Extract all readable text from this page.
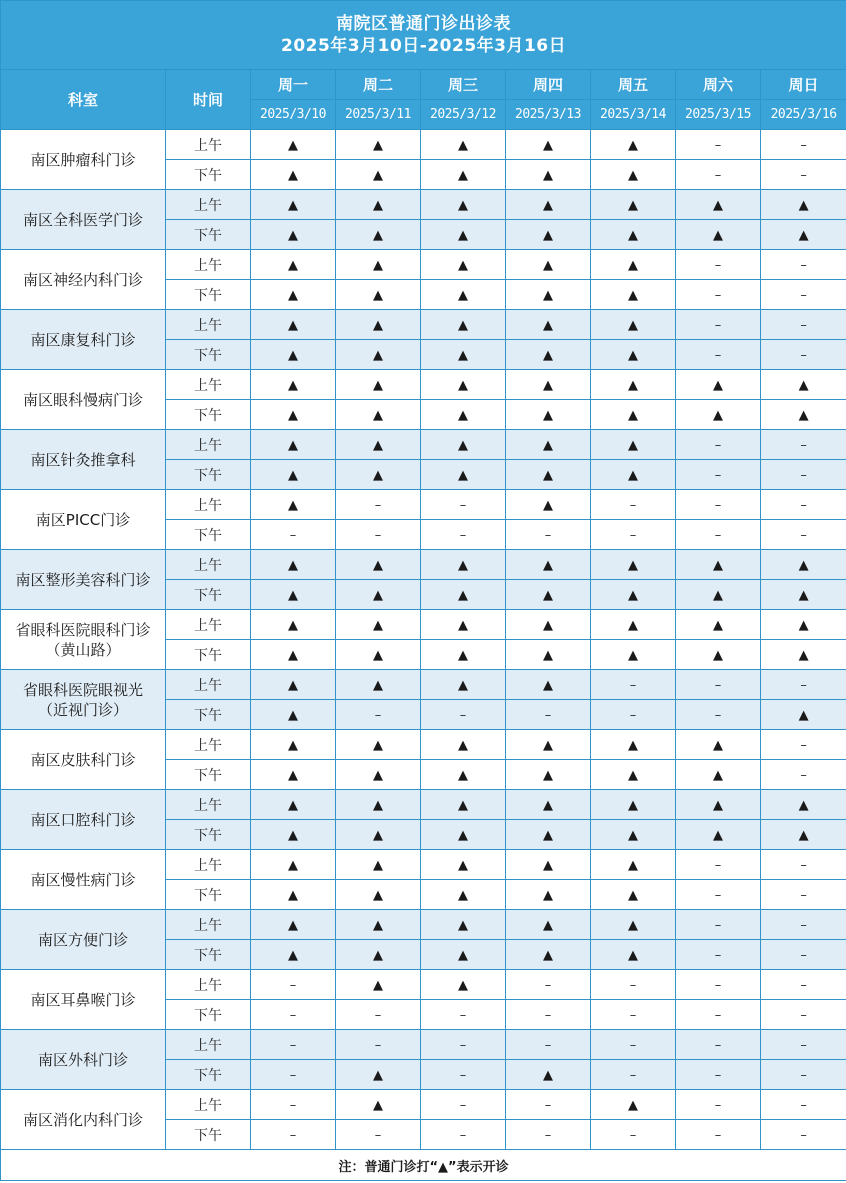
南院区普通门诊出诊表
2025年3月10日-2025年3月16日								

科室	时间	周一	周二	周三	周四	周五	周六	周日
		2025/3/10	2025/3/11	2025/3/12	2025/3/13	2025/3/14	2025/3/15	2025/3/16

南区肿瘤科门诊	上午	▲	▲	▲	▲	▲	–	–
	下午	▲	▲	▲	▲	▲	–	–

南区全科医学门诊	上午	▲	▲	▲	▲	▲	▲	▲
	下午	▲	▲	▲	▲	▲	▲	▲

南区神经内科门诊	上午	▲	▲	▲	▲	▲	–	–
	下午	▲	▲	▲	▲	▲	–	–

南区康复科门诊	上午	▲	▲	▲	▲	▲	–	–
	下午	▲	▲	▲	▲	▲	–	–

南区眼科慢病门诊	上午	▲	▲	▲	▲	▲	▲	▲
	下午	▲	▲	▲	▲	▲	▲	▲

南区针灸推拿科	上午	▲	▲	▲	▲	▲	–	–
	下午	▲	▲	▲	▲	▲	–	–

南区PICC门诊	上午	▲	–	–	▲	–	–	–
	下午	–	–	–	–	–	–	–

南区整形美容科门诊	上午	▲	▲	▲	▲	▲	▲	▲
	下午	▲	▲	▲	▲	▲	▲	▲

省眼科医院眼科门诊
（黄山路）	上午	▲	▲	▲	▲	▲	▲	▲
	下午	▲	▲	▲	▲	▲	▲	▲

省眼科医院眼视光
（近视门诊）	上午	▲	▲	▲	▲	–	–	–
	下午	▲	–	–	–	–	–	▲

南区皮肤科门诊	上午	▲	▲	▲	▲	▲	▲	–
	下午	▲	▲	▲	▲	▲	▲	–

南区口腔科门诊	上午	▲	▲	▲	▲	▲	▲	▲
	下午	▲	▲	▲	▲	▲	▲	▲

南区慢性病门诊	上午	▲	▲	▲	▲	▲	–	–
	下午	▲	▲	▲	▲	▲	–	–

南区方便门诊	上午	▲	▲	▲	▲	▲	–	–
	下午	▲	▲	▲	▲	▲	–	–

南区耳鼻喉门诊	上午	–	▲	▲	–	–	–	–
	下午	–	–	–	–	–	–	–

南区外科门诊	上午	–	–	–	–	–	–	–
	下午	–	▲	–	▲	–	–	–

南区消化内科门诊	上午	–	▲	–	–	▲	–	–
	下午	–	–	–	–	–	–	–
注：普通门诊打“▲”表示开诊								
